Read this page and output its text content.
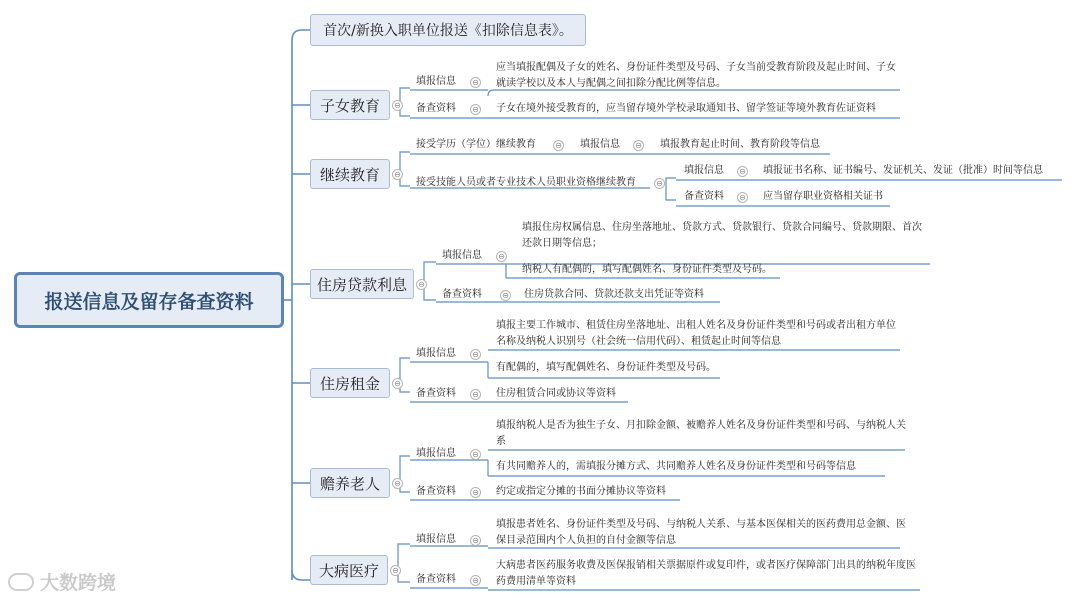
报送信息及留存备查资料
首次/新换入职单位报送《扣除信息表》。
子女教育 ⊖
填报信息 ⊖
应当填报配偶及子女的姓名、身份证件类型及号码、子女当前受教育阶段及起止时间、子女就读学校以及本人与配偶之间扣除分配比例等信息。
备查资料 ⊖ 子女在境外接受教育的，应当留存境外学校录取通知书、留学签证等境外教育佐证资料
继续教育 ⊖
接受学历（学位）继续教育 ⊖ 填报信息 ⊖ 填报教育起止时间、教育阶段等信息
接受技能人员或者专业技术人员职业资格继续教育	⊖
填报信息 ⊖ 填报证书名称、证书编号、发证机关、发证（批准）时间等信息
备查资料 ⊖ 应当留存职业资格相关证书
住房贷款利息 ⊖
填报信息 ⊖
填报住房权属信息、住房坐落地址、贷款方式、贷款银行、贷款合同编号、贷款期限、首次还款日期等信息；
纳税人有配偶的，填写配偶姓名、身份证件类型及号码。
备查资料	⊖ 住房贷款合同、贷款还款支出凭证等资料
住房租金 ⊖
填报信息 ⊖
填报主要工作城市、租赁住房坐落地址、出租人姓名及身份证件类型和号码或者出租方单位名称及纳税人识别号（社会统一信用代码）、租赁起止时间等信息
有配偶的，填写配偶姓名、身份证件类型及号码。
备查资料 ⊖ 住房租赁合同或协议等资料
赡养老人 ⊖
填报信息 ⊖
填报纳税人是否为独生子女、月扣除金额、被赡养人姓名及身份证件类型和号码、与纳税人关系
有共同赡养人的，需填报分摊方式、共同赡养人姓名及身份证件类型和号码等信息
备查资料 ⊖ 约定或指定分摊的书面分摊协议等资料
大病医疗 ⊖
填报信息 ⊖
填报患者姓名、身份证件类型及号码、与纳税人关系、与基本医保相关的医药费用总金额、医保目录范围内个人负担的自付金额等信息
备查资料 ⊖
大病患者医药服务收费及医保报销相关票据原件或复印件，或者医疗保障部门出具的纳税年度医药费用清单等资料
大数跨境
